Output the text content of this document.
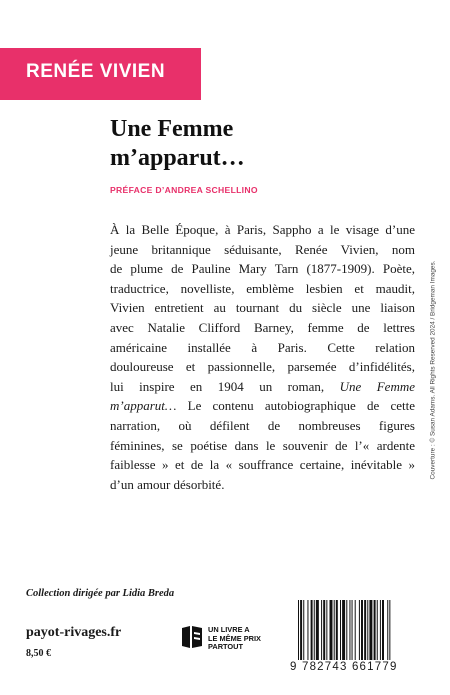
RENÉE VIVIEN
Une Femme
m’apparut…
PRÉFACE D’ANDREA SCHELLINO
À la Belle Époque, à Paris, Sappho a le visage d’une
jeune britannique séduisante, Renée Vivien, nom
de plume de Pauline Mary Tarn (1877-1909). Poète,
traductrice, novelliste, emblème lesbien et maudit,
Vivien entretient au tournant du siècle une liaison
avec Natalie Clifford Barney, femme de lettres
américaine installée à Paris. Cette relation
douloureuse et passionnelle, parsemée d’infidélités,
lui inspire en 1904 un roman, Une Femme
m’apparut… Le contenu autobiographique de cette
narration, où défilent de nombreuses figures
féminines, se poétise dans le souvenir de l’« ardente
faiblesse » et de la « souffrance certaine, inévitable »
d’un amour désorbité.
Collection dirigée par Lidia Breda
payot-rivages.fr
8,50 €
UN LIVRE A
LE MÊME PRIX
PARTOUT
9 782743 661779
Couverture : © Susan Adams. All Rights Reserved 2024 / Bridgeman Images.
